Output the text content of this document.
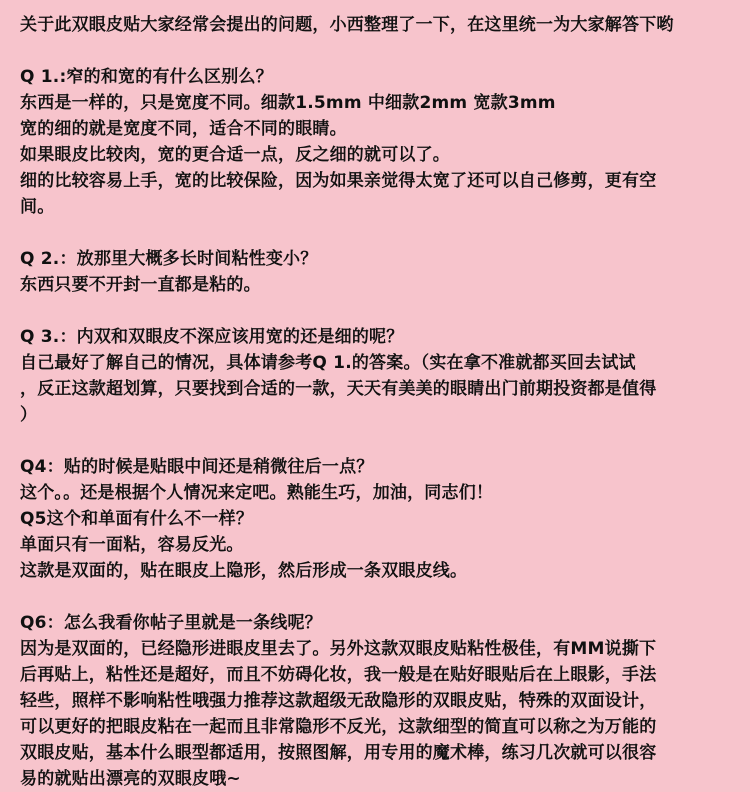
关于此双眼皮贴大家经常会提出的问题，小西整理了一下，在这里统一为大家解答下哟
Q 1.:窄的和宽的有什么区别么？
东西是一样的，只是宽度不同。细款1.5mm 中细款2mm 宽款3mm
宽的细的就是宽度不同，适合不同的眼睛。
如果眼皮比较肉，宽的更合适一点，反之细的就可以了。
细的比较容易上手，宽的比较保险，因为如果亲觉得太宽了还可以自己修剪，更有空
间。
Q 2.：放那里大概多长时间粘性变小？
东西只要不开封一直都是粘的。
Q 3.：内双和双眼皮不深应该用宽的还是细的呢？
自己最好了解自己的情况，具体请参考Q 1.的答案。（实在拿不准就都买回去试试
，反正这款超划算，只要找到合适的一款，天天有美美的眼睛出门前期投资都是值得
）
Q4：贴的时候是贴眼中间还是稍微往后一点？
这个。。还是根据个人情况来定吧。熟能生巧，加油，同志们！
Q5这个和单面有什么不一样？
单面只有一面粘，容易反光。
这款是双面的，贴在眼皮上隐形，然后形成一条双眼皮线。
Q6：怎么我看你帖子里就是一条线呢？
因为是双面的，已经隐形进眼皮里去了。另外这款双眼皮贴粘性极佳，有MM说撕下
后再贴上，粘性还是超好，而且不妨碍化妆，我一般是在贴好眼贴后在上眼影，手法
轻些，照样不影响粘性哦强力推荐这款超级无敌隐形的双眼皮贴，特殊的双面设计，
可以更好的把眼皮粘在一起而且非常隐形不反光，这款细型的简直可以称之为万能的
双眼皮贴，基本什么眼型都适用，按照图解，用专用的魔术棒，练习几次就可以很容
易的就贴出漂亮的双眼皮哦~
